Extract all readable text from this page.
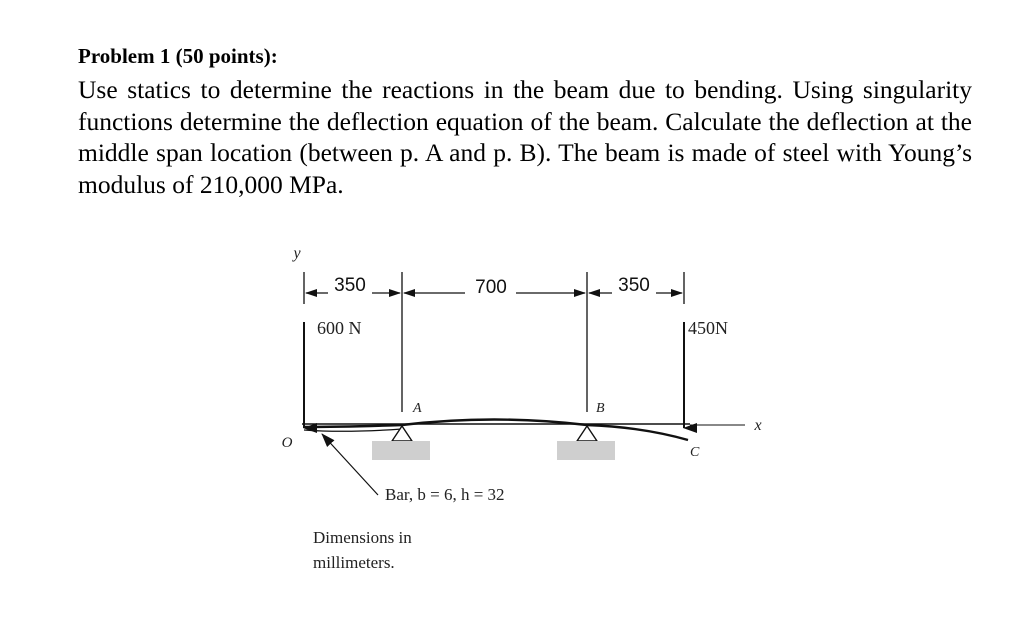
Problem 1 (50 points):

Use statics to determine the reactions in the beam due to bending. Using singularity functions determine the deflection equation of the beam. Calculate the deflection at the middle span location (between p. A and p. B). The beam is made of steel with Young’s modulus of 210,000 MPa.

350	700	350
y
600 N	450N
x
A	B
C
O
Bar, b = 6, h = 32
Dimensions in
millimeters.
